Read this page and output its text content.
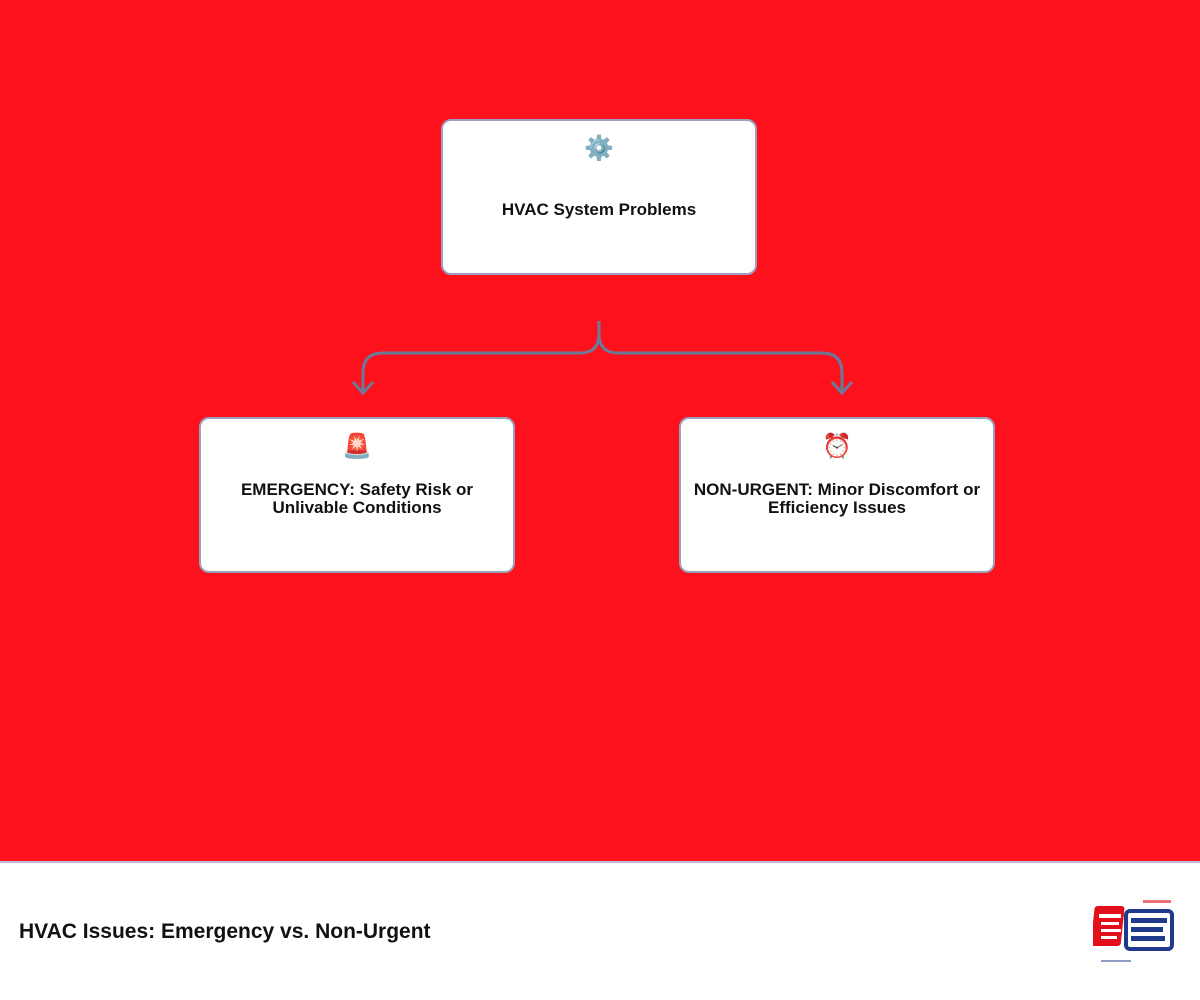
⚙️
HVAC System Problems
🚨
EMERGENCY: Safety Risk or Unlivable Conditions
⏰
NON-URGENT: Minor Discomfort or Efficiency Issues
HVAC Issues: Emergency vs. Non-Urgent
